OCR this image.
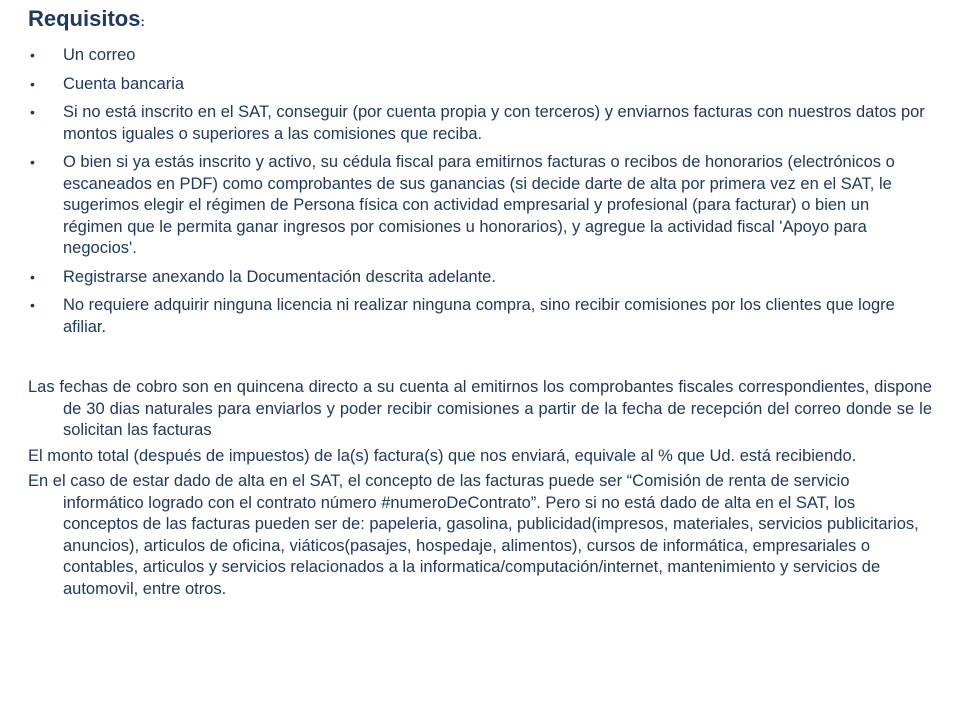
Requisitos:
• Un correo
• Cuenta bancaria
• Si no está inscrito en el SAT, conseguir (por cuenta propia y con terceros) y enviarnos facturas con nuestros datos por montos iguales o superiores a las comisiones que reciba.
• O bien si ya estás inscrito y activo, su cédula fiscal para emitirnos facturas o recibos de honorarios (electrónicos o escaneados en PDF) como comprobantes de sus ganancias (si decide darte de alta por primera vez en el SAT, le sugerimos elegir el régimen de Persona física con actividad empresarial y profesional (para facturar) o bien un régimen que le permita ganar ingresos por comisiones u honorarios), y agregue la actividad fiscal 'Apoyo para negocios'.
• Registrarse anexando la Documentación descrita adelante.
• No requiere adquirir ninguna licencia ni realizar ninguna compra, sino recibir comisiones por los clientes que logre afiliar.

Las fechas de cobro son en quincena directo a su cuenta al emitirnos los comprobantes fiscales correspondientes, dispone de 30 dias naturales para enviarlos y poder recibir comisiones a partir de la fecha de recepción del correo donde se le solicitan las facturas

El monto total (después de impuestos) de la(s) factura(s) que nos enviará, equivale al % que Ud. está recibiendo.

En el caso de estar dado de alta en el SAT, el concepto de las facturas puede ser “Comisión de renta de servicio informático logrado con el contrato número #numeroDeContrato”. Pero si no está dado de alta en el SAT, los conceptos de las facturas pueden ser de: papeleria, gasolina, publicidad(impresos, materiales, servicios publicitarios, anuncios), articulos de oficina, viáticos(pasajes, hospedaje, alimentos), cursos de informática, empresariales o contables, articulos y servicios relacionados a la informatica/computación/internet, mantenimiento y servicios de automovil, entre otros.
